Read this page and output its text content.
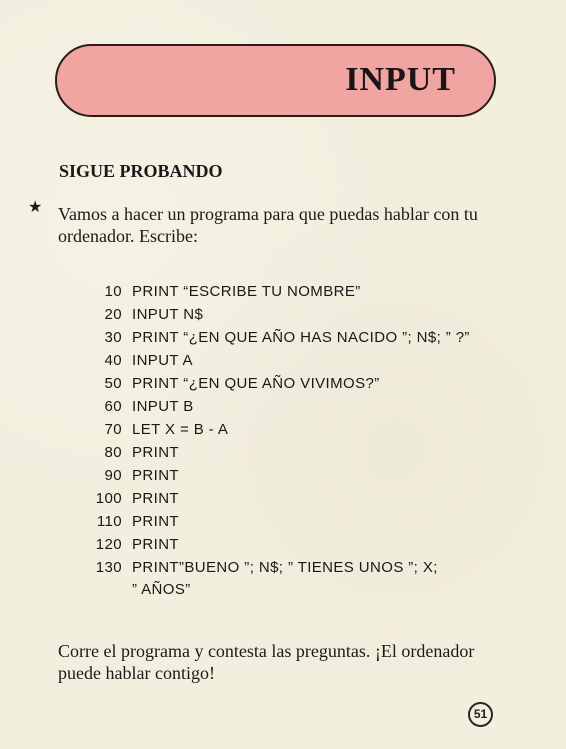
INPUT
SIGUE PROBANDO
★ Vamos a hacer un programa para que puedas hablar con tu ordenador. Escribe:

10 PRINT “ESCRIBE TU NOMBRE”
20 INPUT N$
30 PRINT “¿EN QUE AÑO HAS NACIDO ”; N$; ” ?”
40 INPUT A
50 PRINT “¿EN QUE AÑO VIVIMOS?”
60 INPUT B
70 LET X = B - A
80 PRINT
90 PRINT
100 PRINT
110 PRINT
120 PRINT
130 PRINT”BUENO ”; N$; ” TIENES UNOS ”; X;
” AÑOS”

Corre el programa y contesta las preguntas. ¡El ordenador puede hablar contigo!

51
